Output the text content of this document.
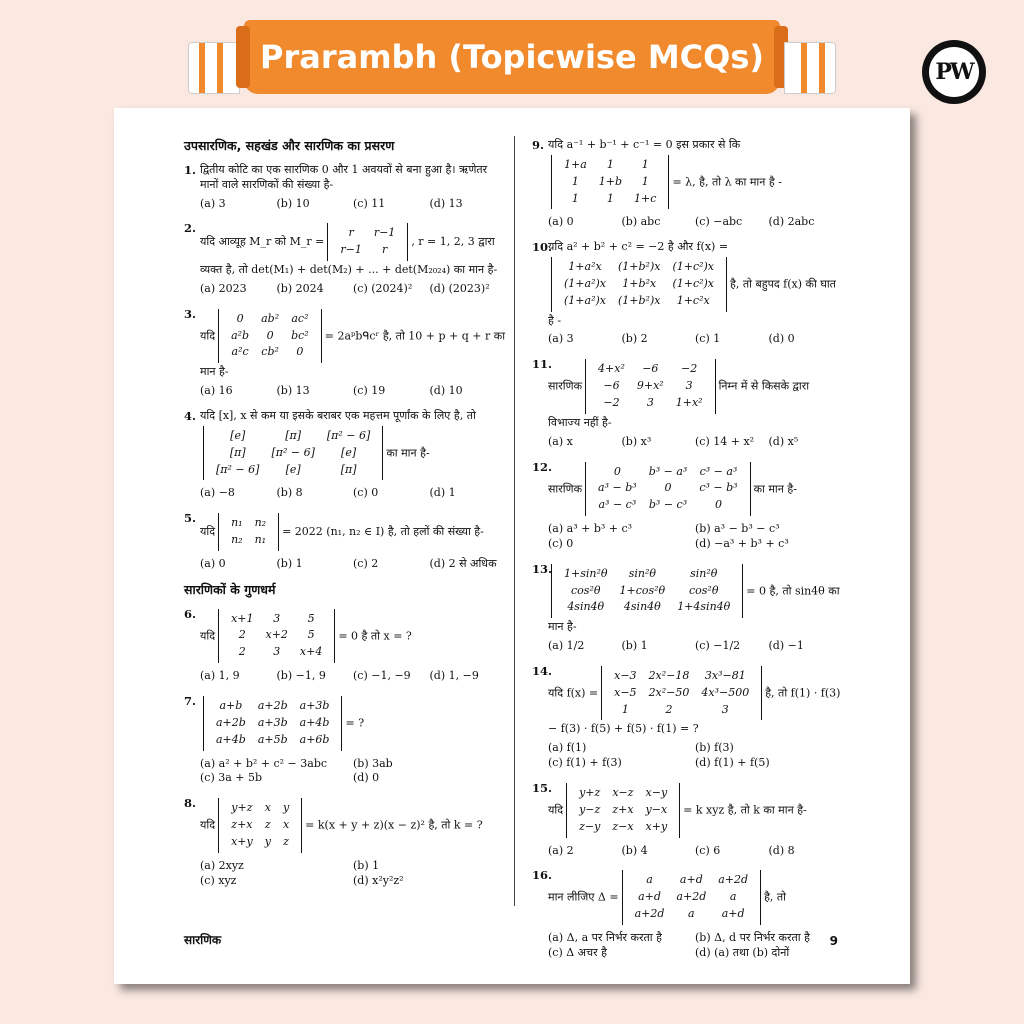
Prarambh (Topicwise MCQs)	PW
उपसारणिक, सहखंड और सारणिक का प्रसरण
1. द्वितीय कोटि का एक सारणिक 0 और 1 अवयवों से बना हुआ है। ऋणेतर मानों वाले सारणिकों की संख्या है-
(a) 3	(b) 10	(c) 11	(d) 13
2.
यदि आव्यूह M_r को M_r =
r	r−1
r−1	r
, r = 1, 2, 3 द्वारा व्यक्त है, तो det(M₁) + det(M₂) + ... + det(M₂₀₂₄) का मान है-
(a) 2023	(b) 2024	(c) (2024)²	(d) (2023)²
3.
यदि
0	ab²	ac²
a²b	0	bc²
a²c	cb²	0
= 2aᵖbᑫcʳ है, तो 10 + p + q + r का मान है-
(a) 16	(b) 13	(c) 19	(d) 10
4. यदि [x], x से कम या इसके बराबर एक महत्तम पूर्णांक के लिए है, तो
[e]	[π]	[π² − 6]
[π]	[π² − 6]	[e]
[π² − 6]	[e]	[π]
का मान है-
(a) −8	(b) 8	(c) 0	(d) 1
5.
यदि
n₁	n₂
n₂	n₁
= 2022 (n₁, n₂ ∈ I) है, तो हलों की संख्या है-
(a) 0	(b) 1	(c) 2	(d) 2 से अधिक
सारणिकों के गुणधर्म
6.
यदि
x+1	3	5
2	x+2	5
2	3	x+4
= 0 है तो x = ?
(a) 1, 9	(b) −1, 9	(c) −1, −9	(d) 1, −9
7. a+b	a+2b	a+3b
a+2b	a+3b	a+4b
a+4b	a+5b	a+6b
= ?
(a) a² + b² + c² − 3abc	(b) 3ab
(c) 3a + 5b	(d) 0
8.
यदि
y+z	x	y
z+x	z	x
x+y	y	z
= k(x + y + z)(x − z)² है, तो k = ?
(a) 2xyz	(b) 1
(c) xyz	(d) x²y²z²
9. यदि a⁻¹ + b⁻¹ + c⁻¹ = 0 इस प्रकार से कि
1+a	1	1
1	1+b	1
1	1	1+c
= λ, है, तो λ का मान है -
(a) 0	(b) abc	(c) −abc	(d) 2abc
10.
यदि a² + b² + c² = −2 है और f(x) =
1+a²x	(1+b²)x	(1+c²)x
(1+a²)x	1+b²x	(1+c²)x
(1+a²)x	(1+b²)x	1+c²x
है, तो बहुपद f(x) की घात है -
(a) 3	(b) 2	(c) 1	(d) 0
11.
सारणिक
4+x²	−6	−2
−6	9+x²	3
−2	3	1+x²
निम्न में से किसके द्वारा विभाज्य नहीं है-
(a) x	(b) x³	(c) 14 + x²	(d) x⁵
12.
सारणिक
0	b³ − a³	c³ − a³
a³ − b³	0	c³ − b³
a³ − c³	b³ − c³	0
का मान है-
(a) a³ + b³ + c³	(b) a³ − b³ − c³
(c) 0	(d) −a³ + b³ + c³
13. 1+sin²θ	sin²θ	sin²θ
cos²θ	1+cos²θ	cos²θ
4sin4θ	4sin4θ	1+4sin4θ
= 0 है, तो sin4θ का मान है-
(a) 1/2	(b) 1	(c) −1/2	(d) −1
14.
यदि f(x) =
x−3	2x²−18	3x³−81
x−5	2x²−50	4x³−500
1	2	3
है, तो f(1) · f(3) − f(3) · f(5) + f(5) · f(1) = ?
(a) f(1)	(b) f(3)
(c) f(1) + f(3)	(d) f(1) + f(5)
15.
यदि
y+z	x−z	x−y
y−z	z+x	y−x
z−y	z−x	x+y
= k xyz है, तो k का मान है-
(a) 2	(b) 4	(c) 6	(d) 8
16.
मान लीजिए Δ =
a	a+d	a+2d
a+d	a+2d	a
a+2d	a	a+d
है, तो
(a) Δ, a पर निर्भर करता है	(b) Δ, d पर निर्भर करता है
(c) Δ अचर है	(d) (a) तथा (b) दोनों
सारणिक	9
